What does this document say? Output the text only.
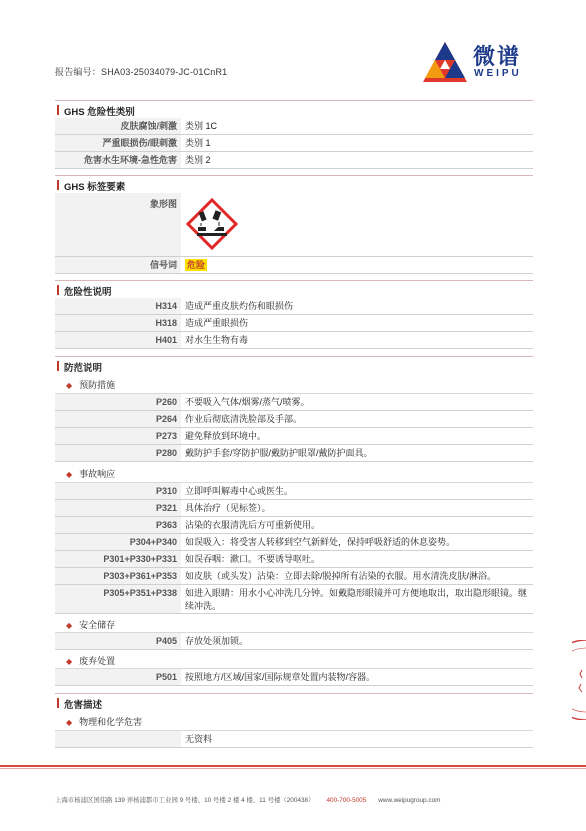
报告编号：SHA03-25034079-JC-01CnR1
微谱
WEIPU
GHS 危险性类别
皮肤腐蚀/刺激 类别 1C
严重眼损伤/眼刺激 类别 1
危害水生环境-急性危害 类别 2
GHS 标签要素
象形图
信号词	危险
危险性说明
H314 造成严重皮肤灼伤和眼损伤
H318 造成严重眼损伤
H401 对水生生物有毒
防范说明
◆ 预防措施
P260 不要吸入气体/烟雾/蒸气/喷雾。
P264 作业后彻底清洗脸部及手部。
P273 避免释放到环境中。
P280 戴防护手套/穿防护服/戴防护眼罩/戴防护面具。
◆ 事故响应
P310 立即呼叫解毒中心或医生。
P321 具体治疗（见标签）。
P363 沾染的衣服清洗后方可重新使用。
P304+P340 如误吸入：将受害人转移到空气新鲜处，保持呼吸舒适的休息姿势。
P301+P330+P331 如误吞咽：漱口。不要诱导呕吐。
P303+P361+P353 如皮肤（或头发）沾染：立即去除/脱掉所有沾染的衣服。用水清洗皮肤/淋浴。
P305+P351+P338 如进入眼睛：用水小心冲洗几分钟。如戴隐形眼镜并可方便地取出，取出隐形眼镜。继续冲洗。
◆ 安全储存
P405 存放处须加锁。
◆ 废弃处置
P501 按照地方/区域/国家/国际规章处置内装物/容器。
危害描述
◆ 物理和化学危害
无资料
上海市杨浦区国伟路 139 弄杨浦都市工业园 9 号楼、10 号楼 2 楼 4 楼、11 号楼（200438） 400-700-5005 www.weipugroup.com
